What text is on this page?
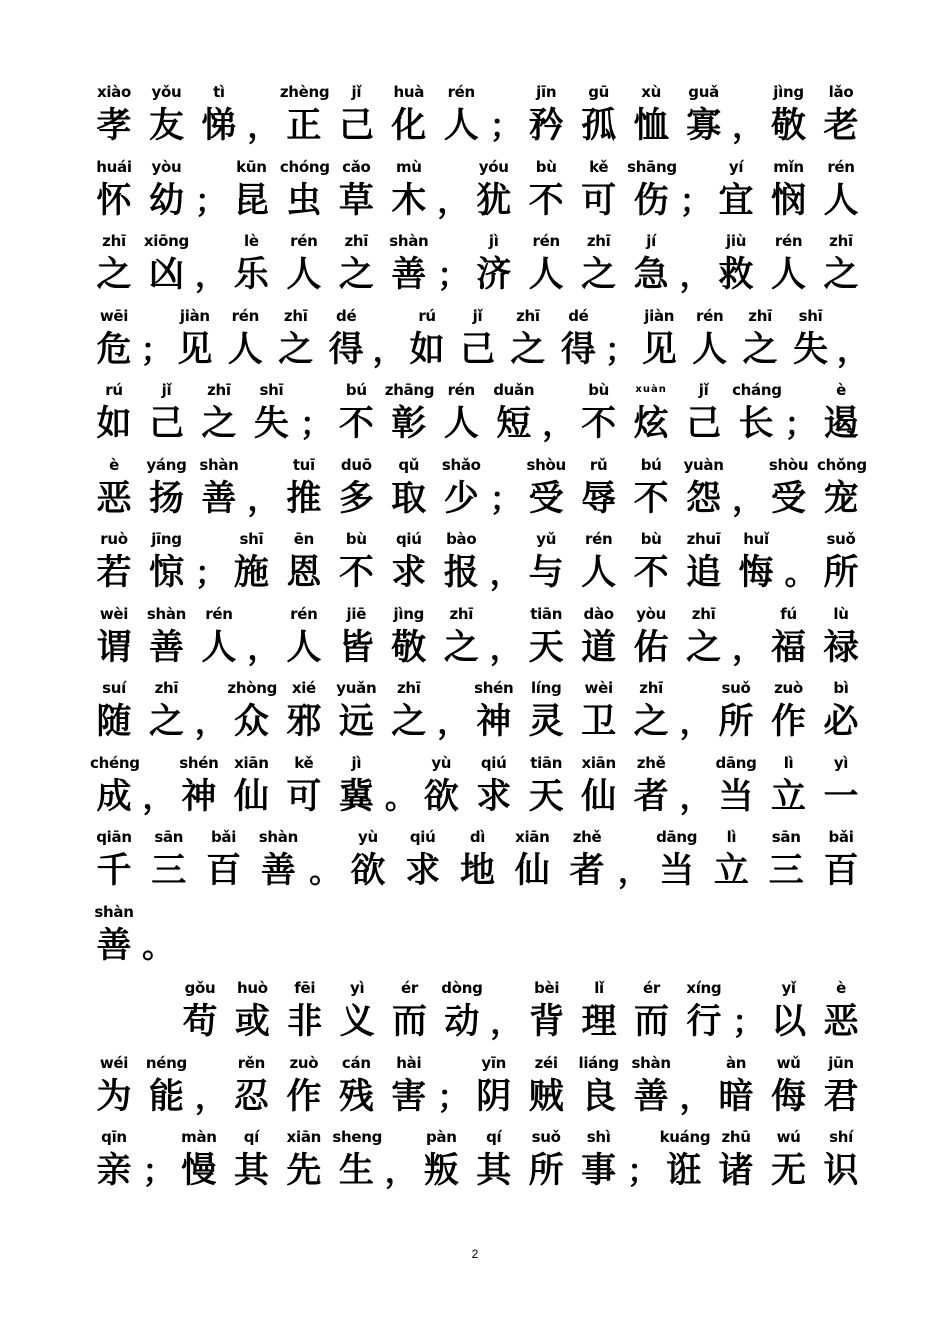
xiào
孝
yǒu
友
tì
悌 ，
zhèng
正
jǐ
己
huà
化
rén
人 ；
jīn
矜
gū
孤
xù
恤
guǎ
寡 ，
jìng
敬
lǎo
老
huái
怀
yòu
幼 ；
kūn
昆
chóng
虫
cǎo
草
mù
木 ，
yóu
犹
bù
不
kě
可
shāng
伤 ；
yí
宜
mǐn
悯
rén
人
zhī
之
xiōng
凶 ，
lè
乐
rén
人
zhī
之
shàn
善 ；
jì
济
rén
人
zhī
之
jí
急 ，
jiù
救
rén
人
zhī
之
wēi
危 ；
jiàn
见
rén
人
zhī
之
dé
得 ，
rú
如
jǐ
己
zhī
之
dé
得 ；
jiàn
见
rén
人
zhī
之
shī
失 ，
rú
如
jǐ
己
zhī
之
shī
失 ；
bú
不
zhāng
彰
rén
人
duǎn
短 ，
bù
不
xuàn
炫
jǐ
己
cháng
长 ；
è
遏
è
恶
yáng
扬
shàn
善 ，
tuī
推
duō
多
qǔ
取
shǎo
少 ；
shòu
受
rǔ
辱
bú
不
yuàn
怨 ，
shòu
受
chǒng
宠
ruò
若
jīng
惊 ；
shī
施
ēn
恩
bù
不
qiú
求
bào
报 ，
yǔ
与
rén
人
bù
不
zhuī
追
huǐ
悔 。
suǒ
所
wèi
谓
shàn
善
rén
人 ，
rén
人
jiē
皆
jìng
敬
zhī
之 ，
tiān
天
dào
道
yòu
佑
zhī
之 ，
fú
福
lù
禄
suí
随
zhī
之 ，
zhòng
众
xié
邪
yuǎn
远
zhī
之 ，
shén
神
líng
灵
wèi
卫
zhī
之 ，
suǒ
所
zuò
作
bì
必
chéng
成 ，
shén
神
xiān
仙
kě
可
jì
冀 。
yù
欲
qiú
求
tiān
天
xiān
仙
zhě
者 ，
dāng
当
lì
立
yì
一
qiān
千
sān
三
bǎi
百
shàn
善 。
yù
欲
qiú
求
dì
地
xiān
仙
zhě
者 ，
dāng
当
lì
立
sān
三
bǎi
百
shàn
善 。
gǒu
苟
huò
或
fēi
非
yì
义
ér
而
dòng
动 ，
bèi
背
lǐ
理
ér
而
xíng
行 ；
yǐ
以
è
恶
wéi
为
néng
能 ，
rěn
忍
zuò
作
cán
残
hài
害 ；
yīn
阴
zéi
贼
liáng
良
shàn
善 ，
àn
暗
wǔ
侮
jūn
君
qīn
亲 ；
màn
慢
qí
其
xiān
先
sheng
生 ，
pàn
叛
qí
其
suǒ
所
shì
事 ；
kuáng
诳
zhū
诸
wú
无
shí
识
2
